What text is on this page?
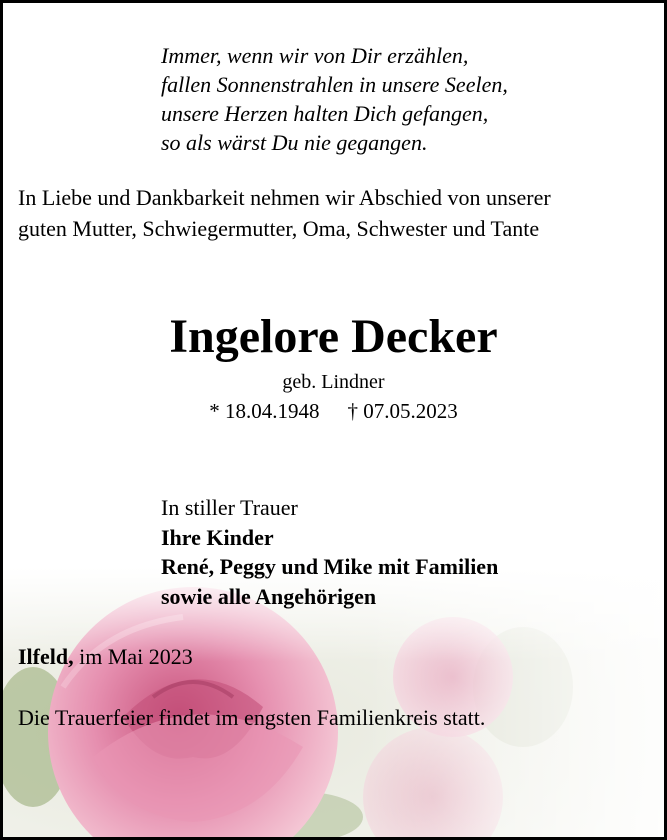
Immer, wenn wir von Dir erzählen,
fallen Sonnenstrahlen in unsere Seelen,
unsere Herzen halten Dich gefangen,
so als wärst Du nie gegangen.
In Liebe und Dankbarkeit nehmen wir Abschied von unserer
guten Mutter, Schwiegermutter, Oma, Schwester und Tante
Ingelore Decker
geb. Lindner
* 18.04.1948 † 07.05.2023
In stiller Trauer
Ihre Kinder
René, Peggy und Mike mit Familien
sowie alle Angehörigen
Ilfeld, im Mai 2023
Die Trauerfeier findet im engsten Familienkreis statt.
